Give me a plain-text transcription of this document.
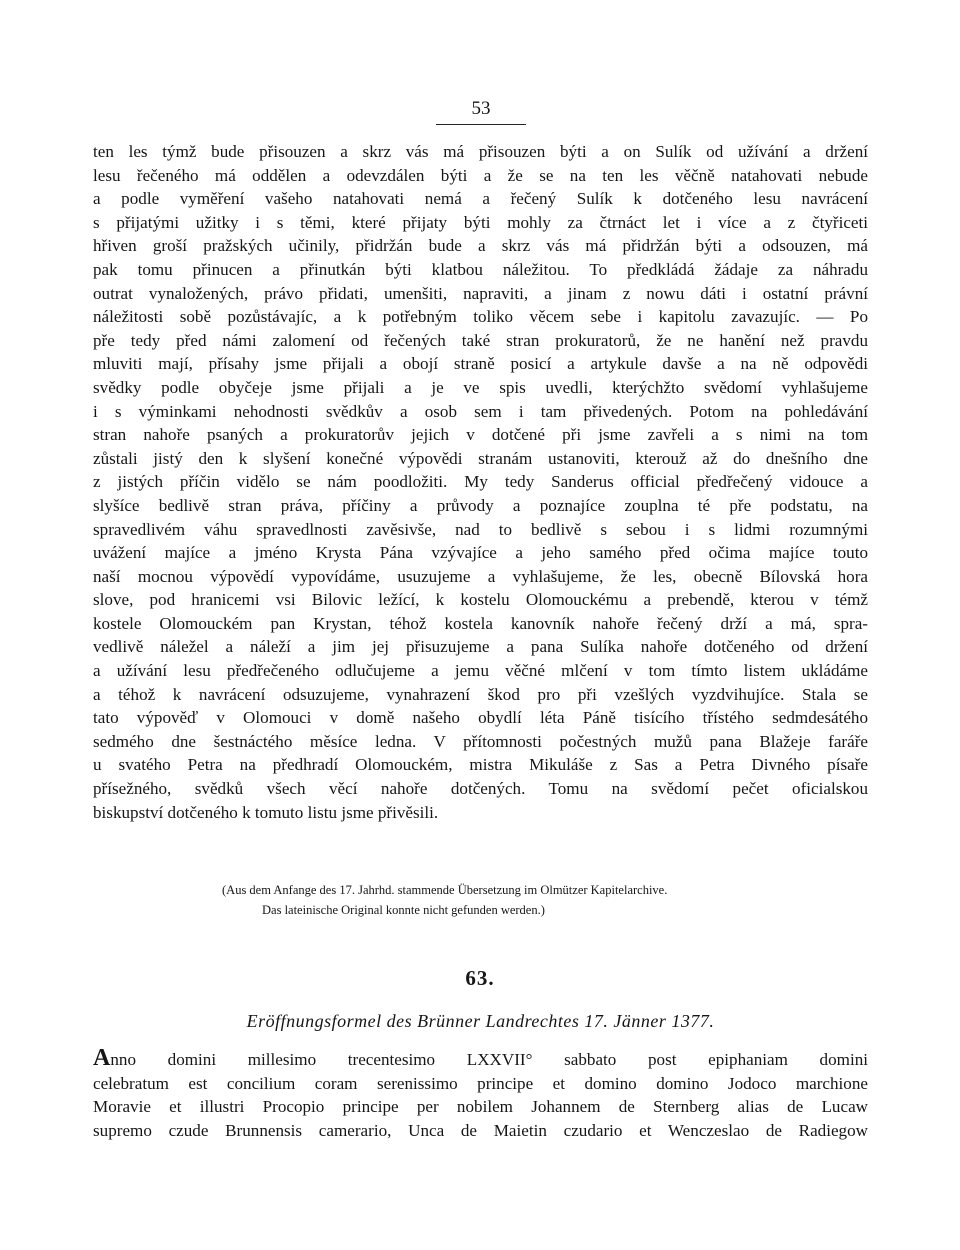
53
ten les týmž bude přisouzen a skrz vás má přisouzen býti a on Sulík od užívání a držení
lesu řečeného má oddělen a odevzdálen býti a že se na ten les věčně natahovati nebude
a podle vyměření vašeho natahovati nemá a řečený Sulík k dotčeného lesu navrácení
s přijatými užitky i s těmi, které přijaty býti mohly za čtrnáct let i více a z čtyřiceti
hřiven groší pražských učinily, přidržán bude a skrz vás má přidržán býti a odsouzen, má
pak tomu přinucen a přinutkán býti klatbou náležitou. To předkládá žádaje za náhradu
outrat vynaložených, právo přidati, umenšiti, napraviti, a jinam z nowu dáti i ostatní právní
náležitosti sobě pozůstávajíc, a k potřebným toliko věcem sebe i kapitolu zavazujíc. — Po
pře tedy před námi zalomení od řečených také stran prokuratorů, že ne hanění než pravdu
mluviti mají, přísahy jsme přijali a obojí straně posicí a artykule davše a na ně odpovědi
svědky podle obyčeje jsme přijali a je ve spis uvedli, kterýchžto svědomí vyhlašujeme
i s výminkami nehodnosti svědkův a osob sem i tam přivedených. Potom na pohledávání
stran nahoře psaných a prokuratorův jejich v dotčené při jsme zavřeli a s nimi na tom
zůstali jistý den k slyšení konečné výpovědi stranám ustanoviti, kterouž až do dnešního dne
z jistých příčin vidělo se nám poodložiti. My tedy Sanderus official předřečený vidouce a
slyšíce bedlivě stran práva, příčiny a průvody a poznajíce zouplna té pře podstatu, na
spravedlivém váhu spravedlnosti zavěsivše, nad to bedlivě s sebou i s lidmi rozumnými
uvážení majíce a jméno Krysta Pána vzývajíce a jeho samého před očima majíce touto
naší mocnou výpovědí vypovídáme, usuzujeme a vyhlašujeme, že les, obecně Bílovská hora
slove, pod hranicemi vsi Bilovic ležící, k kostelu Olomouckému a prebendě, kterou v témž
kostele Olomouckém pan Krystan, téhož kostela kanovník nahoře řečený drží a má, spra-
vedlivě náležel a náleží a jim jej přisuzujeme a pana Sulíka nahoře dotčeného od držení
a užívání lesu předřečeného odlučujeme a jemu věčné mlčení v tom tímto listem ukládáme
a téhož k navrácení odsuzujeme, vynahrazení škod pro při vzešlých vyzdvihujíce. Stala se
tato výpověď v Olomouci v domě našeho obydlí léta Páně tisícího třístého sedmdesátého
sedmého dne šestnáctého měsíce ledna. V přítomnosti počestných mužů pana Blažeje faráře
u svatého Petra na předhradí Olomouckém, mistra Mikuláše z Sas a Petra Divného písaře
přísežného, svědků všech věcí nahoře dotčených. Tomu na svědomí pečet oficialskou
biskupství dotčeného k tomuto listu jsme přivěsili.
(Aus dem Anfange des 17. Jahrhd. stammende Übersetzung im Olmützer Kapitelarchive.
Das lateinische Original konnte nicht gefunden werden.)
63.
Eröffnungsformel des Brünner Landrechtes 17. Jänner 1377.
Anno domini millesimo trecentesimo LXXVII° sabbato post epiphaniam domini
celebratum est concilium coram serenissimo principe et domino domino Jodoco marchione
Moravie et illustri Procopio principe per nobilem Johannem de Sternberg alias de Lucaw
supremo czude Brunnensis camerario, Unca de Maietin czudario et Wenczeslao de Radiegow
